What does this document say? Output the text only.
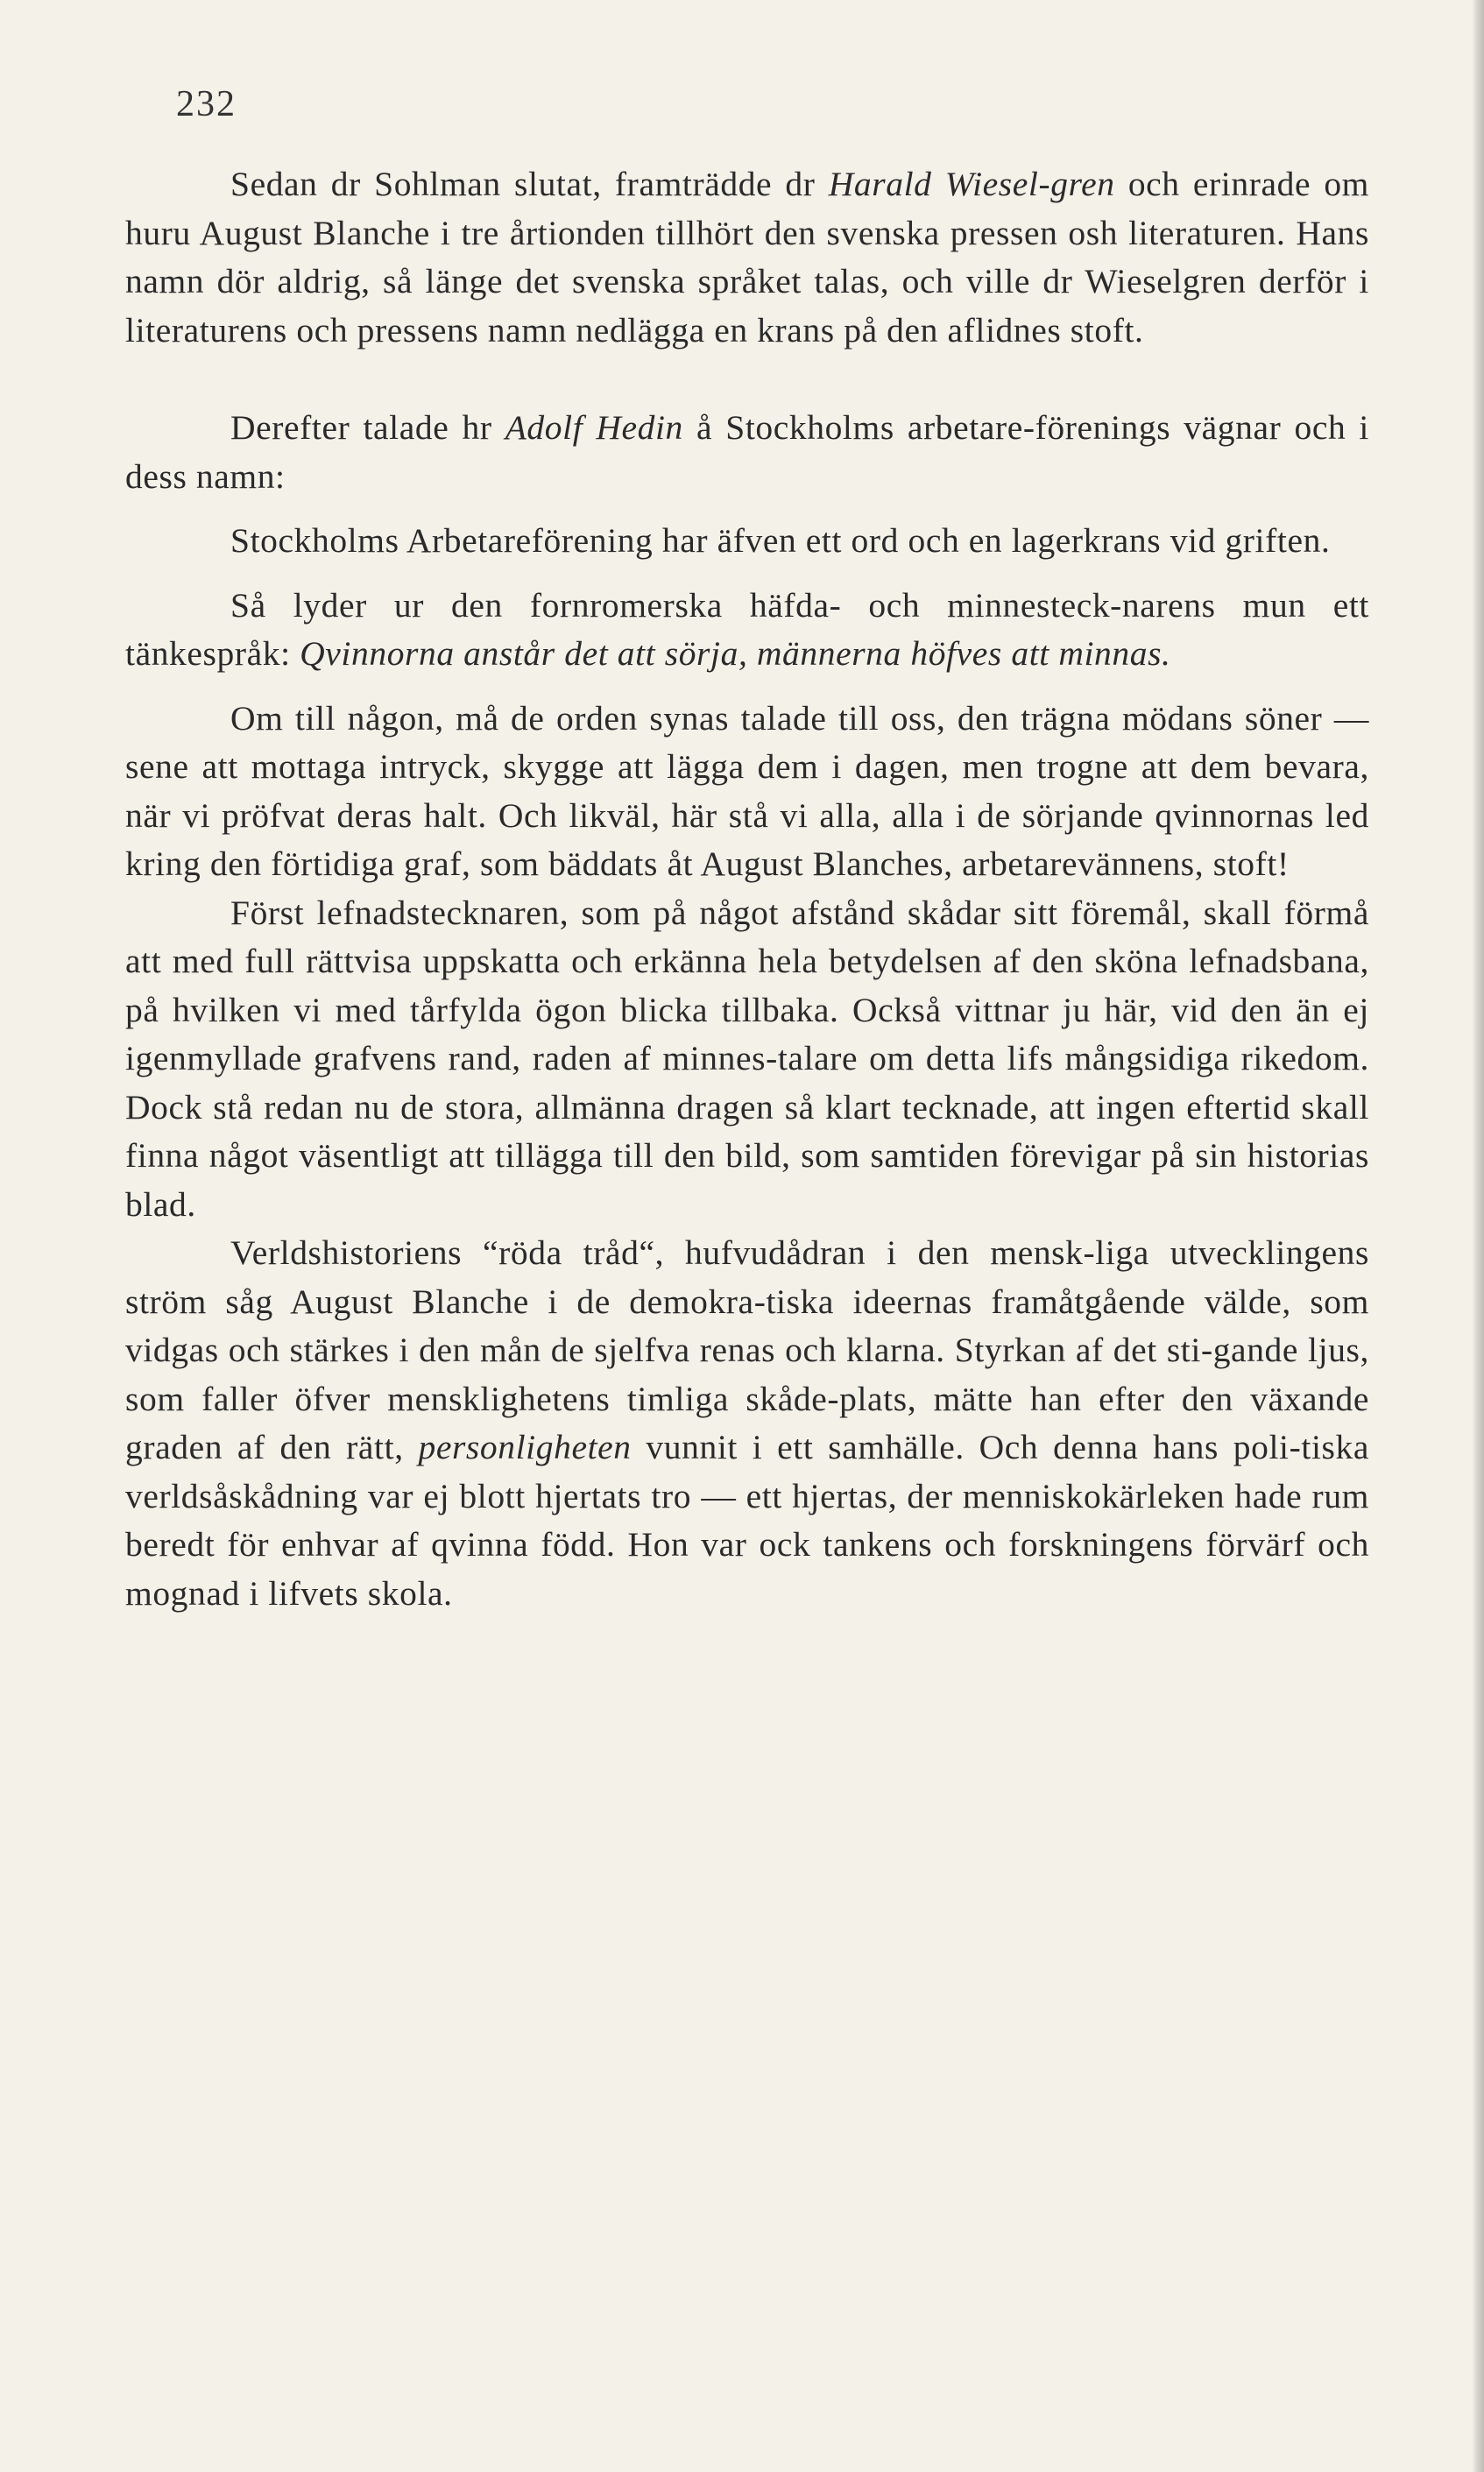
232

Sedan dr Sohlman slutat, framträdde dr Harald Wiesel-gren och erinrade om huru August Blanche i tre årtionden tillhört den svenska pressen osh literaturen. Hans namn dör aldrig, så länge det svenska språket talas, och ville dr Wieselgren derför i literaturens och pressens namn nedlägga en krans på den aflidnes stoft.

Derefter talade hr Adolf Hedin å Stockholms arbetare-förenings vägnar och i dess namn:

Stockholms Arbetareförening har äfven ett ord och en lagerkrans vid griften.

Så lyder ur den fornromerska häfda- och minnesteck-narens mun ett tänkespråk: Qvinnorna anstår det att sörja, männerna höfves att minnas.

Om till någon, må de orden synas talade till oss, den trägna mödans söner — sene att mottaga intryck, skygge att lägga dem i dagen, men trogne att dem bevara, när vi pröfvat deras halt. Och likväl, här stå vi alla, alla i de sörjande qvinnornas led kring den förtidiga graf, som bäddats åt August Blanches, arbetarevännens, stoft!

Först lefnadstecknaren, som på något afstånd skådar sitt föremål, skall förmå att med full rättvisa uppskatta och erkänna hela betydelsen af den sköna lefnadsbana, på hvilken vi med tårfylda ögon blicka tillbaka. Också vittnar ju här, vid den än ej igenmyllade grafvens rand, raden af minnes-talare om detta lifs mångsidiga rikedom. Dock stå redan nu de stora, allmänna dragen så klart tecknade, att ingen eftertid skall finna något väsentligt att tillägga till den bild, som samtiden förevigar på sin historias blad.

Verldshistoriens “röda tråd“, hufvudådran i den mensk-liga utvecklingens ström såg August Blanche i de demokra-tiska ideernas framåtgående välde, som vidgas och stärkes i den mån de sjelfva renas och klarna. Styrkan af det sti-gande ljus, som faller öfver mensklighetens timliga skåde-plats, mätte han efter den växande graden af den rätt, personligheten vunnit i ett samhälle. Och denna hans poli-tiska verldsåskådning var ej blott hjertats tro — ett hjertas, der menniskokärleken hade rum beredt för enhvar af qvinna född. Hon var ock tankens och forskningens förvärf och mognad i lifvets skola.
